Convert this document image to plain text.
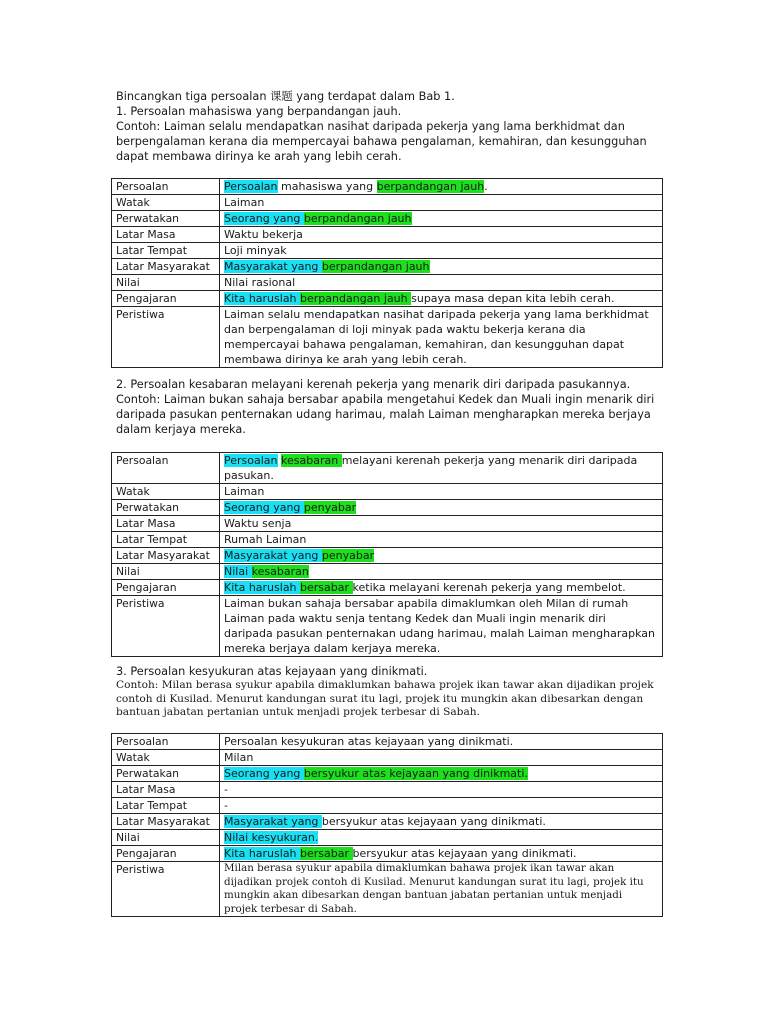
Bincangkan tiga persoalan 课题 yang terdapat dalam Bab 1.

1. Persoalan mahasiswa yang berpandangan jauh.

Contoh: Laiman selalu mendapatkan nasihat daripada pekerja yang lama berkhidmat dan berpengalaman kerana dia mempercayai bahawa pengalaman, kemahiran, dan kesungguhan dapat membawa dirinya ke arah yang lebih cerah.

Persoalan	Persoalan mahasiswa yang berpandangan jauh.
Watak	Laiman
Perwatakan	Seorang yang berpandangan jauh
Latar Masa	Waktu bekerja
Latar Tempat	Loji minyak
Latar Masyarakat	Masyarakat yang berpandangan jauh
Nilai	Nilai rasional
Pengajaran	Kita haruslah berpandangan jauh supaya masa depan kita lebih cerah.
Peristiwa	Laiman selalu mendapatkan nasihat daripada pekerja yang lama berkhidmat dan berpengalaman di loji minyak pada waktu bekerja kerana dia mempercayai bahawa pengalaman, kemahiran, dan kesungguhan dapat membawa dirinya ke arah yang lebih cerah.

2. Persoalan kesabaran melayani kerenah pekerja yang menarik diri daripada pasukannya.

Contoh: Laiman bukan sahaja bersabar apabila mengetahui Kedek dan Muali ingin menarik diri daripada pasukan penternakan udang harimau, malah Laiman mengharapkan mereka berjaya dalam kerjaya mereka.

Persoalan	Persoalan kesabaran melayani kerenah pekerja yang menarik diri daripada pasukan.
Watak	Laiman
Perwatakan	Seorang yang penyabar
Latar Masa	Waktu senja
Latar Tempat	Rumah Laiman
Latar Masyarakat	Masyarakat yang penyabar
Nilai	Nilai kesabaran
Pengajaran	Kita haruslah bersabar ketika melayani kerenah pekerja yang membelot.
Peristiwa	Laiman bukan sahaja bersabar apabila dimaklumkan oleh Milan di rumah Laiman pada waktu senja tentang Kedek dan Muali ingin menarik diri daripada pasukan penternakan udang harimau, malah Laiman mengharapkan mereka berjaya dalam kerjaya mereka.

3. Persoalan kesyukuran atas kejayaan yang dinikmati.

Contoh: Milan berasa syukur apabila dimaklumkan bahawa projek ikan tawar akan dijadikan projek contoh di Kusilad. Menurut kandungan surat itu lagi, projek itu mungkin akan dibesarkan dengan bantuan jabatan pertanian untuk menjadi projek terbesar di Sabah.

Persoalan	Persoalan kesyukuran atas kejayaan yang dinikmati.
Watak	Milan
Perwatakan	Seorang yang bersyukur atas kejayaan yang dinikmati.
Latar Masa	-
Latar Tempat	-
Latar Masyarakat	Masyarakat yang bersyukur atas kejayaan yang dinikmati.
Nilai	Nilai kesyukuran.
Pengajaran	Kita haruslah bersabar bersyukur atas kejayaan yang dinikmati.
Peristiwa	Milan berasa syukur apabila dimaklumkan bahawa projek ikan tawar akan dijadikan projek contoh di Kusilad. Menurut kandungan surat itu lagi, projek itu mungkin akan dibesarkan dengan bantuan jabatan pertanian untuk menjadi projek terbesar di Sabah.
